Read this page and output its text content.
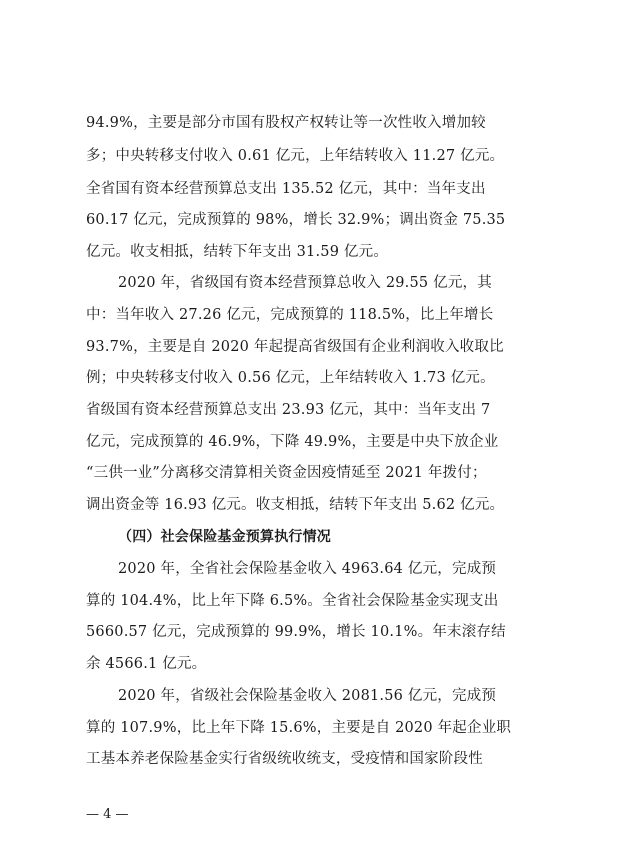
94.9%，主要是部分市国有股权产权转让等一次性收入增加较
多；中央转移支付收入 0.61 亿元，上年结转收入 11.27 亿元。
全省国有资本经营预算总支出 135.52 亿元，其中：当年支出
60.17 亿元，完成预算的 98%，增长 32.9%；调出资金 75.35
亿元。收支相抵，结转下年支出 31.59 亿元。
2020 年，省级国有资本经营预算总收入 29.55 亿元，其
中：当年收入 27.26 亿元，完成预算的 118.5%，比上年增长
93.7%，主要是自 2020 年起提高省级国有企业利润收入收取比
例；中央转移支付收入 0.56 亿元，上年结转收入 1.73 亿元。
省级国有资本经营预算总支出 23.93 亿元，其中：当年支出 7
亿元，完成预算的 46.9%，下降 49.9%，主要是中央下放企业
“三供一业”分离移交清算相关资金因疫情延至 2021 年拨付；
调出资金等 16.93 亿元。收支相抵，结转下年支出 5.62 亿元。
（四）社会保险基金预算执行情况
2020 年，全省社会保险基金收入 4963.64 亿元，完成预
算的 104.4%，比上年下降 6.5%。全省社会保险基金实现支出
5660.57 亿元，完成预算的 99.9%，增长 10.1%。年末滚存结
余 4566.1 亿元。
2020 年，省级社会保险基金收入 2081.56 亿元，完成预
算的 107.9%，比上年下降 15.6%，主要是自 2020 年起企业职
工基本养老保险基金实行省级统收统支，受疫情和国家阶段性
— 4 —
